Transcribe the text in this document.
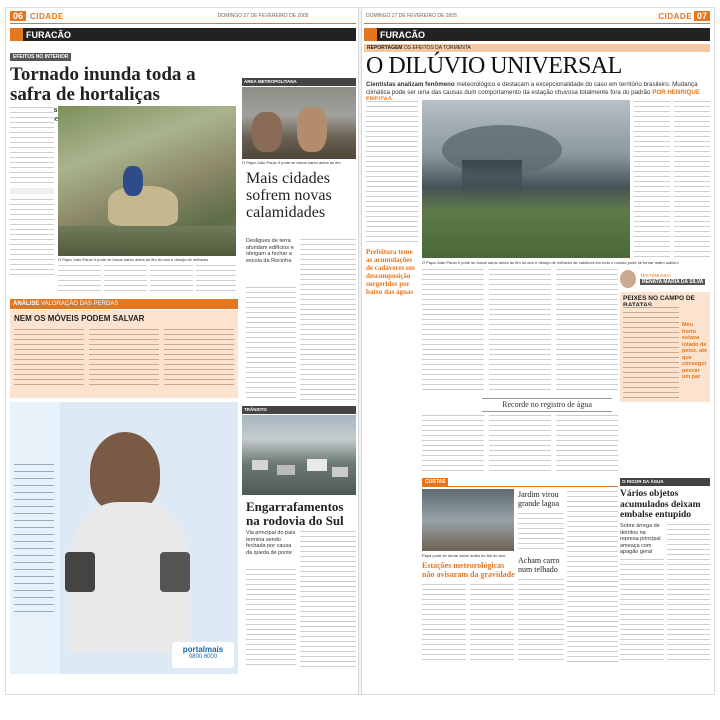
06 CIDADE	DOMINGO 27 DE FEVEREIRO DE 2005
FURACÃO
EFEITOS NO INTERIOR
Tornado inunda toda a safra de hortaliças
O Papa João Paulo II pode se tornar santo antes do fim do ano e desejo de milhares
ANÁLISE
VALORAÇÃO DAS PERDAS
NEM OS MÓVEIS PODEM SALVAR
portalmais
0800 6000
ÁREA METROPOLITANA
O Papa João Paulo II pode se tornar santo antes do fim
Mais cidades sofrem novas calamidades
Desligues de terra afundam edifícios e obrigam a fechar a escola da Rocinha
TRÂNSITO
Engarrafamentos na rodovia do Sul
Via principal do país termina sendo fechada por causa da queda de ponte
DOMINGO 27 DE FEVEREIRO DE 2005	CIDADE 07
FURACÃO
REPORTAGEM OS EFEITOS DA TORMENTA
O DILÚVIO UNIVERSAL
Cientistas analizam fenômeno meteorológico e destacam a excepcionalidade do caso em território brasileiro. Mudança climática pode ser uma das causas dum comportamento da estação chuvosa totalmente fora do padrão POR HENRIQUE
Prefeitura teme as acumulações de cadáveres em descomposição surgeridos por baixo das águas
O Papa João Paulo II pode se tornar santo antes do fim do ano e desejo de milhares de católicos em todo o mundo pode se tornar realm sublorv
TESTEMUNHA
RENATA MARIA DA SILVA
PEIXES NO CAMPO DE
Meu horto estava lotado de peixe, até que consegui pescar um par
Recorde no registro de água
CURTAS
Papa pode se tornar santo antes do fim do ano
Estações meteorológicas não avisaram da gravidade
Jardim virou grande lagoa
Acham carro num telhado
O RIGOR DA ÁGUA
Vários objetos acumulados deixam embalse entupido
Sobre árrega de detritos na represa principal ameaça com apagão geral
